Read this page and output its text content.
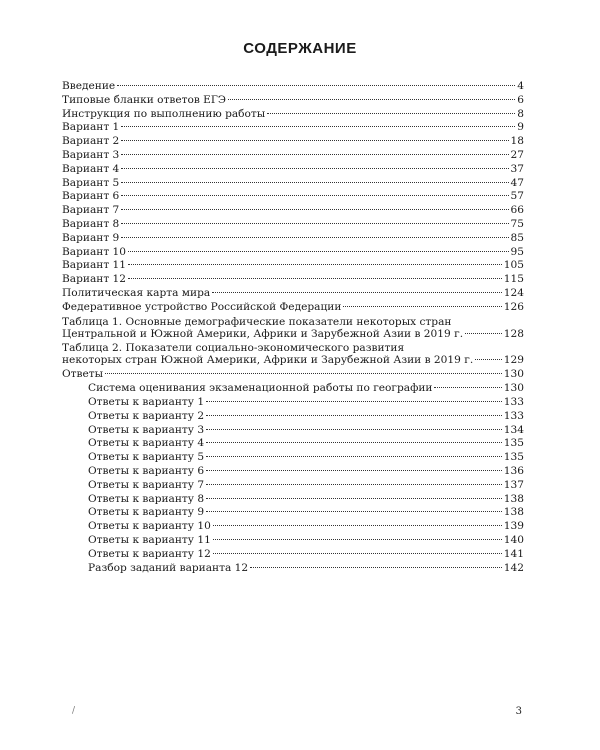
СОДЕРЖАНИЕ
Введение	4
Типовые бланки ответов ЕГЭ	6
Инструкция по выполнению работы	8
Вариант 1	9
Вариант 2	18
Вариант 3	27
Вариант 4	37
Вариант 5	47
Вариант 6	57
Вариант 7	66
Вариант 8	75
Вариант 9	85
Вариант 10	95
Вариант 11	105
Вариант 12	115
Политическая карта мира	124
Федеративное устройство Российской Федерации	126
Таблица 1. Основные демографические показатели некоторых стран
Центральной и Южной Америки, Африки и Зарубежной Азии в 2019 г.	128
Таблица 2. Показатели социально-экономического развития
некоторых стран Южной Америки, Африки и Зарубежной Азии в 2019 г.	129
Ответы	130
Система оценивания экзаменационной работы по географии	130
Ответы к варианту 1	133
Ответы к варианту 2	133
Ответы к варианту 3	134
Ответы к варианту 4	135
Ответы к варианту 5	135
Ответы к варианту 6	136
Ответы к варианту 7	137
Ответы к варианту 8	138
Ответы к варианту 9	138
Ответы к варианту 10	139
Ответы к варианту 11	140
Ответы к варианту 12	141
Разбор заданий варианта 12	142
/	3
